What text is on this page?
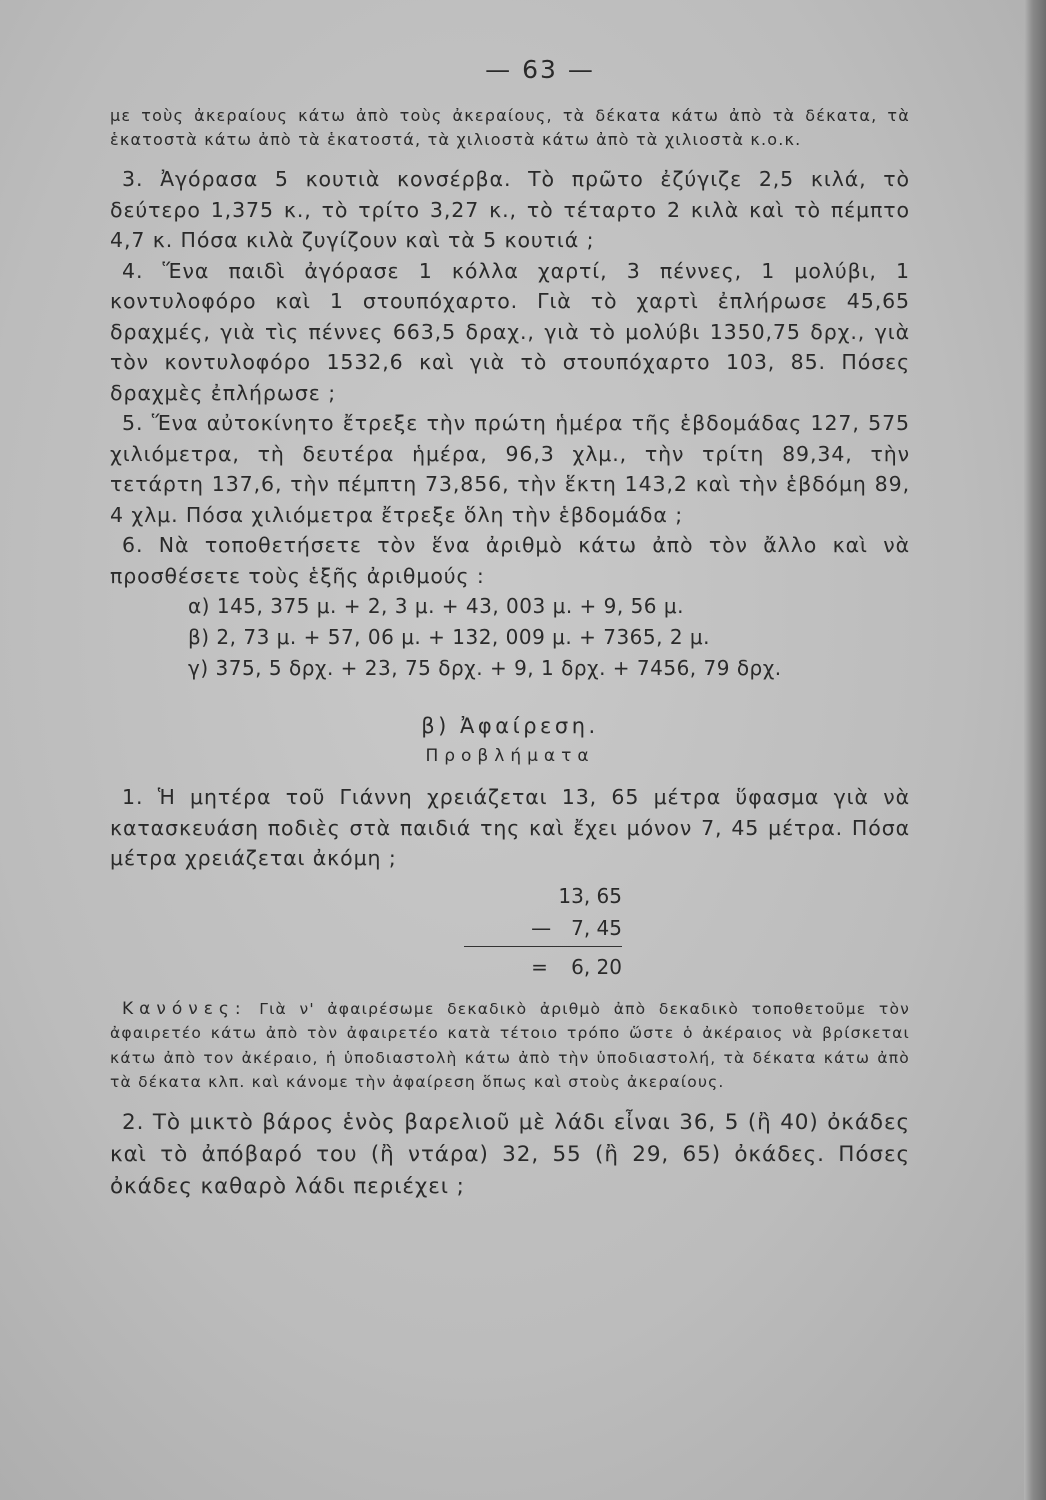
— 63 —

με τοὺς ἀκεραίους κάτω ἀπὸ τοὺς ἀκεραίους, τὰ δέκατα κάτω ἀπὸ τὰ δέκατα, τὰ ἑκατοστὰ κάτω ἀπὸ τὰ ἑκατοστά, τὰ χιλιοστὰ κάτω ἀπὸ τὰ χιλιοστὰ κ.ο.κ.

3. Ἀγόρασα 5 κουτιὰ κονσέρβα. Τὸ πρῶτο ἐζύγιζε 2,5 κιλά, τὸ δεύτερο 1,375 κ., τὸ τρίτο 3,27 κ., τὸ τέταρτο 2 κιλὰ καὶ τὸ πέμπτο 4,7 κ. Πόσα κιλὰ ζυγίζουν καὶ τὰ 5 κουτιά ;

4. Ἕνα παιδὶ ἀγόρασε 1 κόλλα χαρτί, 3 πέννες, 1 μολύβι, 1 κοντυλοφόρο καὶ 1 στουπόχαρτο. Γιὰ τὸ χαρτὶ ἐπλήρωσε 45,65 δραχμές, γιὰ τὶς πέννες 663,5 δραχ., γιὰ τὸ μολύβι 1350,75 δρχ., γιὰ τὸν κοντυλοφόρο 1532,6 καὶ γιὰ τὸ στουπόχαρτο 103, 85. Πόσες δραχμὲς ἐπλήρωσε ;

5. Ἕνα αὐτοκίνητο ἔτρεξε τὴν πρώτη ἡμέρα τῆς ἑβδομάδας 127, 575 χιλιόμετρα, τὴ δευτέρα ἡμέρα, 96,3 χλμ., τὴν τρίτη 89,34, τὴν τετάρτη 137,6, τὴν πέμπτη 73,856, τὴν ἕκτη 143,2 καὶ τὴν ἑβδόμη 89, 4 χλμ. Πόσα χιλιόμετρα ἔτρεξε ὅλη τὴν ἑβδομάδα ;

6. Νὰ τοποθετήσετε τὸν ἕνα ἀριθμὸ κάτω ἀπὸ τὸν ἄλλο καὶ νὰ προσθέσετε τοὺς ἑξῆς ἀριθμούς :

α) 145, 375 μ. + 2, 3 μ. + 43, 003 μ. + 9, 56 μ.
β) 2, 73 μ. + 57, 06 μ. + 132, 009 μ. + 7365, 2 μ.
γ) 375, 5 δρχ. + 23, 75 δρχ. + 9, 1 δρχ. + 7456, 79 δρχ.
β) Ἀφαίρεση.
Προβλήματα

1. Ἡ μητέρα τοῦ Γιάννη χρειάζεται 13, 65 μέτρα ὕφασμα γιὰ νὰ κατασκευάση ποδιὲς στὰ παιδιά της καὶ ἔχει μόνον 7, 45 μέτρα. Πόσα μέτρα χρειάζεται ἀκόμη ;

13, 65
—	7, 45
=	6, 20

Κανόνες: Γιὰ ν' ἀφαιρέσωμε δεκαδικὸ ἀριθμὸ ἀπὸ δεκαδικὸ τοποθετοῦμε τὸν ἀφαιρετέο κάτω ἀπὸ τὸν ἀφαιρετέο κατὰ τέτοιο τρόπο ὥστε ὁ ἀκέραιος νὰ βρίσκεται κάτω ἀπὸ τον ἀκέραιο, ἡ ὑποδιαστολὴ κάτω ἀπὸ τὴν ὑποδιαστολή, τὰ δέκατα κάτω ἀπὸ τὰ δέκατα κλπ. καὶ κάνομε τὴν ἀφαίρεση ὅπως καὶ στοὺς ἀκεραίους.

2. Τὸ μικτὸ βάρος ἑνὸς βαρελιοῦ μὲ λάδι εἶναι 36, 5 (ἢ 40) ὀκάδες καὶ τὸ ἀπόβαρό του (ἢ ντάρα) 32, 55 (ἢ 29, 65) ὀκάδες. Πόσες ὀκάδες καθαρὸ λάδι περιέχει ;
